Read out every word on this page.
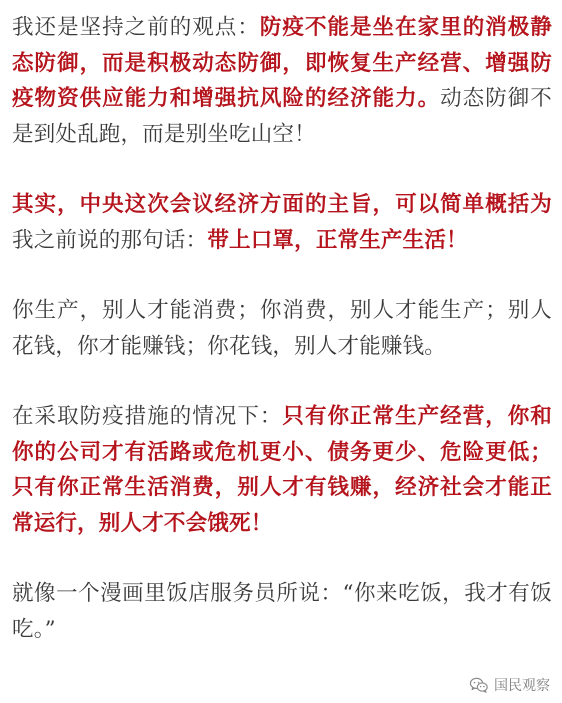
我还是坚持之前的观点：防疫不能是坐在家里的消极静态防御，而是积极动态防御，即恢复生产经营、增强防疫物资供应能力和增强抗风险的经济能力。动态防御不是到处乱跑，而是别坐吃山空！

其实，中央这次会议经济方面的主旨，可以简单概括为我之前说的那句话：带上口罩，正常生产生活！

你生产，别人才能消费；你消费，别人才能生产；别人花钱，你才能赚钱；你花钱，别人才能赚钱。

在采取防疫措施的情况下：只有你正常生产经营，你和你的公司才有活路或危机更小、债务更少、危险更低；只有你正常生活消费，别人才有钱赚，经济社会才能正常运行，别人才不会饿死！

就像一个漫画里饭店服务员所说：“你来吃饭，我才有饭吃。”

国民观察
